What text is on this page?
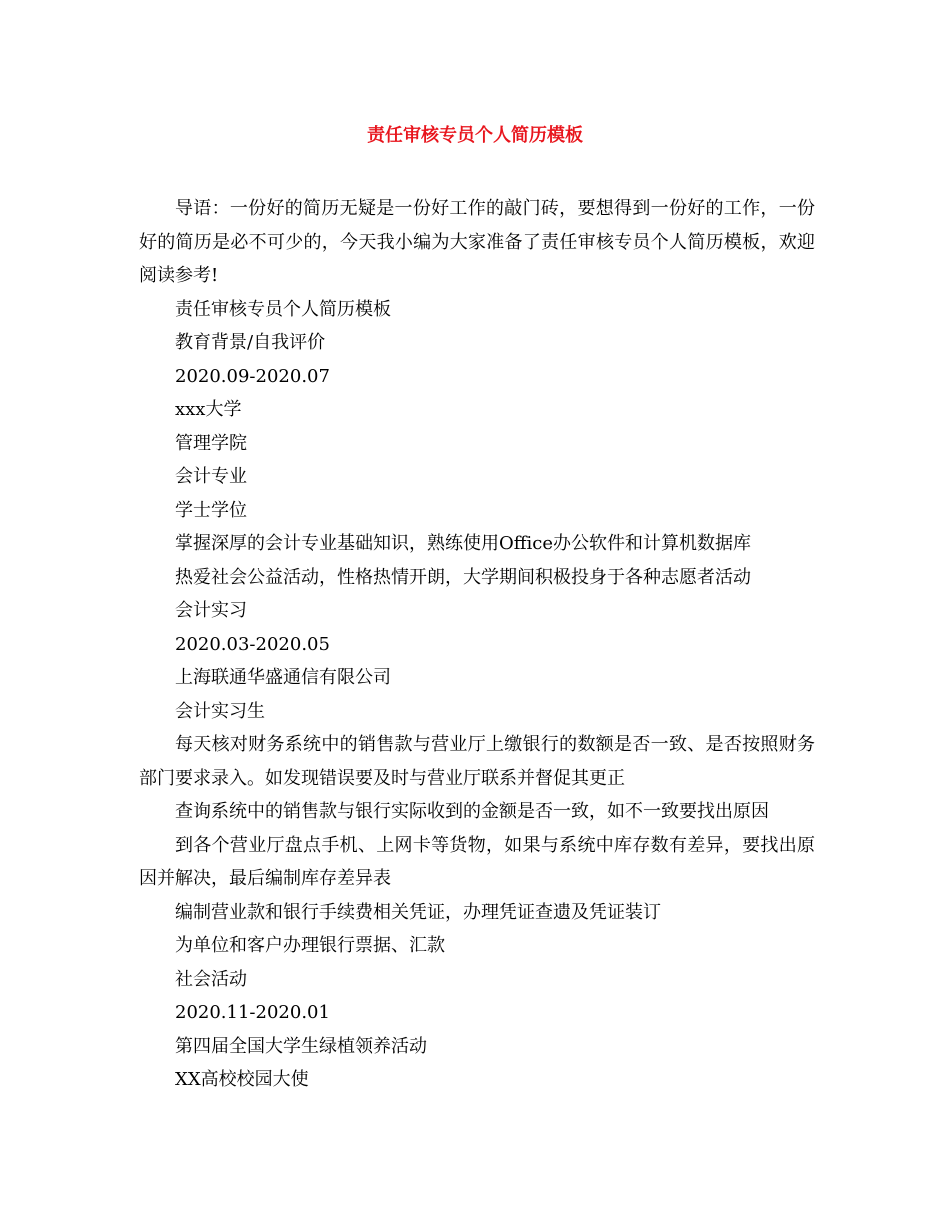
责任审核专员个人简历模板

导语：一份好的简历无疑是一份好工作的敲门砖，要想得到一份好的工作，一份好的简历是必不可少的，今天我小编为大家准备了责任审核专员个人简历模板，欢迎阅读参考!

责任审核专员个人简历模板

教育背景/自我评价

2020.09-2020.07

xxx大学

管理学院

会计专业

学士学位

掌握深厚的会计专业基础知识，熟练使用Office办公软件和计算机数据库

热爱社会公益活动，性格热情开朗，大学期间积极投身于各种志愿者活动

会计实习

2020.03-2020.05

上海联通华盛通信有限公司

会计实习生

每天核对财务系统中的销售款与营业厅上缴银行的数额是否一致、是否按照财务部门要求录入。如发现错误要及时与营业厅联系并督促其更正

查询系统中的销售款与银行实际收到的金额是否一致，如不一致要找出原因

到各个营业厅盘点手机、上网卡等货物，如果与系统中库存数有差异，要找出原因并解决，最后编制库存差异表

编制营业款和银行手续费相关凭证，办理凭证查遗及凭证装订

为单位和客户办理银行票据、汇款

社会活动

2020.11-2020.01

第四届全国大学生绿植领养活动

XX高校校园大使
